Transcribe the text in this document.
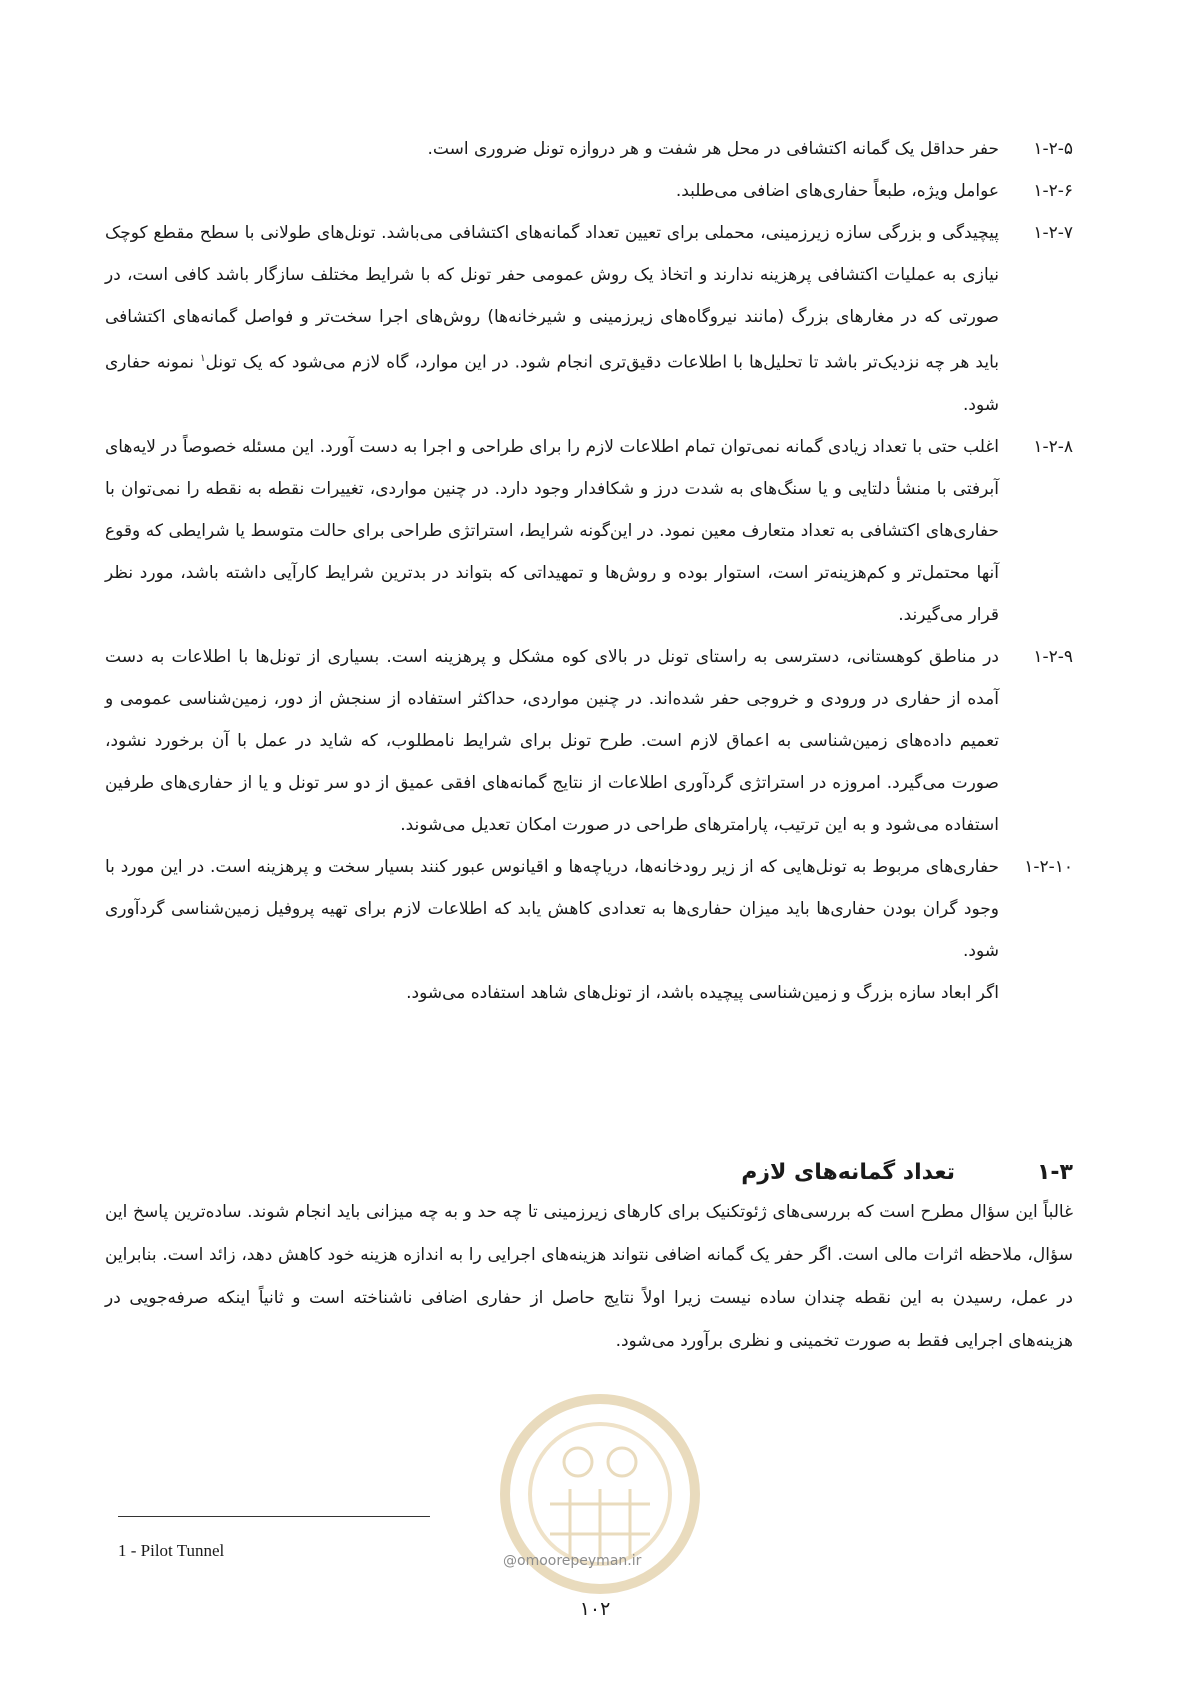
۱-۲-۵

حفر حداقل یک گمانه اکتشافی در محل هر شفت و هر دروازه تونل ضروری است.

۱-۲-۶

عوامل ویژه، طبعاً حفاری‌های اضافی می‌طلبد.

۱-۲-۷

پیچیدگی و بزرگی سازه زیرزمینی، محملی برای تعیین تعداد گمانه‌های اکتشافی می‌باشد. تونل‌های طولانی با سطح مقطع کوچک نیازی به عملیات اکتشافی پرهزینه ندارند و اتخاذ یک روش عمومی حفر تونل که با شرایط مختلف سازگار باشد کافی است، در صورتی که در مغارهای بزرگ (مانند نیروگاه‌های زیرزمینی و شیرخانه‌ها) روش‌های اجرا سخت‌تر و فواصل گمانه‌های اکتشافی باید هر چه نزدیک‌تر باشد تا تحلیل‌ها با اطلاعات دقیق‌تری انجام شود. در این موارد، گاه لازم می‌شود که یک تونل$^۱$ نمونه حفاری شود.

۱-۲-۸

اغلب حتی با تعداد زیادی گمانه نمی‌توان تمام اطلاعات لازم را برای طراحی و اجرا به دست آورد. این مسئله خصوصاً در لایه‌های آبرفتی با منشأ دلتایی و یا سنگ‌های به شدت درز و شکافدار وجود دارد. در چنین مواردی، تغییرات نقطه به نقطه را نمی‌توان با حفاری‌های اکتشافی به تعداد متعارف معین نمود. در این‌گونه شرایط، استراتژی طراحی برای حالت متوسط یا شرایطی که وقوع آنها محتمل‌تر و کم‌هزینه‌تر است، استوار بوده و روش‌ها و تمهیداتی که بتواند در بدترین شرایط کارآیی داشته باشد، مورد نظر قرار می‌گیرند.

۱-۲-۹

در مناطق کوهستانی، دسترسی به راستای تونل در بالای کوه مشکل و پرهزینه است. بسیاری از تونل‌ها با اطلاعات به دست آمده از حفاری در ورودی و خروجی حفر شده‌اند. در چنین مواردی، حداکثر استفاده از سنجش از دور، زمین‌شناسی عمومی و تعمیم داده‌های زمین‌شناسی به اعماق لازم است. طرح تونل برای شرایط نامطلوب، که شاید در عمل با آن برخورد نشود، صورت می‌گیرد. امروزه در استراتژی گردآوری اطلاعات از نتایج گمانه‌های افقی عمیق از دو سر تونل و یا از حفاری‌های طرفین استفاده می‌شود و به این ترتیب، پارامترهای طراحی در صورت امکان تعدیل می‌شوند.

۱-۲-۱۰

حفاری‌های مربوط به تونل‌هایی که از زیر رودخانه‌ها، دریاچه‌ها و اقیانوس عبور کنند بسیار سخت و پرهزینه است. در این مورد با وجود گران بودن حفاری‌ها باید میزان حفاری‌ها به تعدادی کاهش یابد که اطلاعات لازم برای تهیه پروفیل زمین‌شناسی گردآوری شود.

اگر ابعاد سازه بزرگ و زمین‌شناسی پیچیده باشد، از تونل‌های شاهد استفاده می‌شود.

۱-۳
تعداد گمانه‌های لازم

غالباً این سؤال مطرح است که بررسی‌های ژئوتکنیک برای کارهای زیرزمینی تا چه حد و به چه میزانی باید انجام شوند. ساده‌ترین پاسخ این سؤال، ملاحظه اثرات مالی است. اگر حفر یک گمانه اضافی نتواند هزینه‌های اجرایی را به اندازه هزینه خود کاهش دهد، زائد است. بنابراین در عمل، رسیدن به این نقطه چندان ساده نیست زیرا اولاً نتایج حاصل از حفاری اضافی ناشناخته است و ثانیاً اینکه صرفه‌جویی در هزینه‌های اجرایی فقط به صورت تخمینی و نظری برآورد می‌شود.

@omoorepeyman.ir
1 - Pilot Tunnel
۱۰۲
